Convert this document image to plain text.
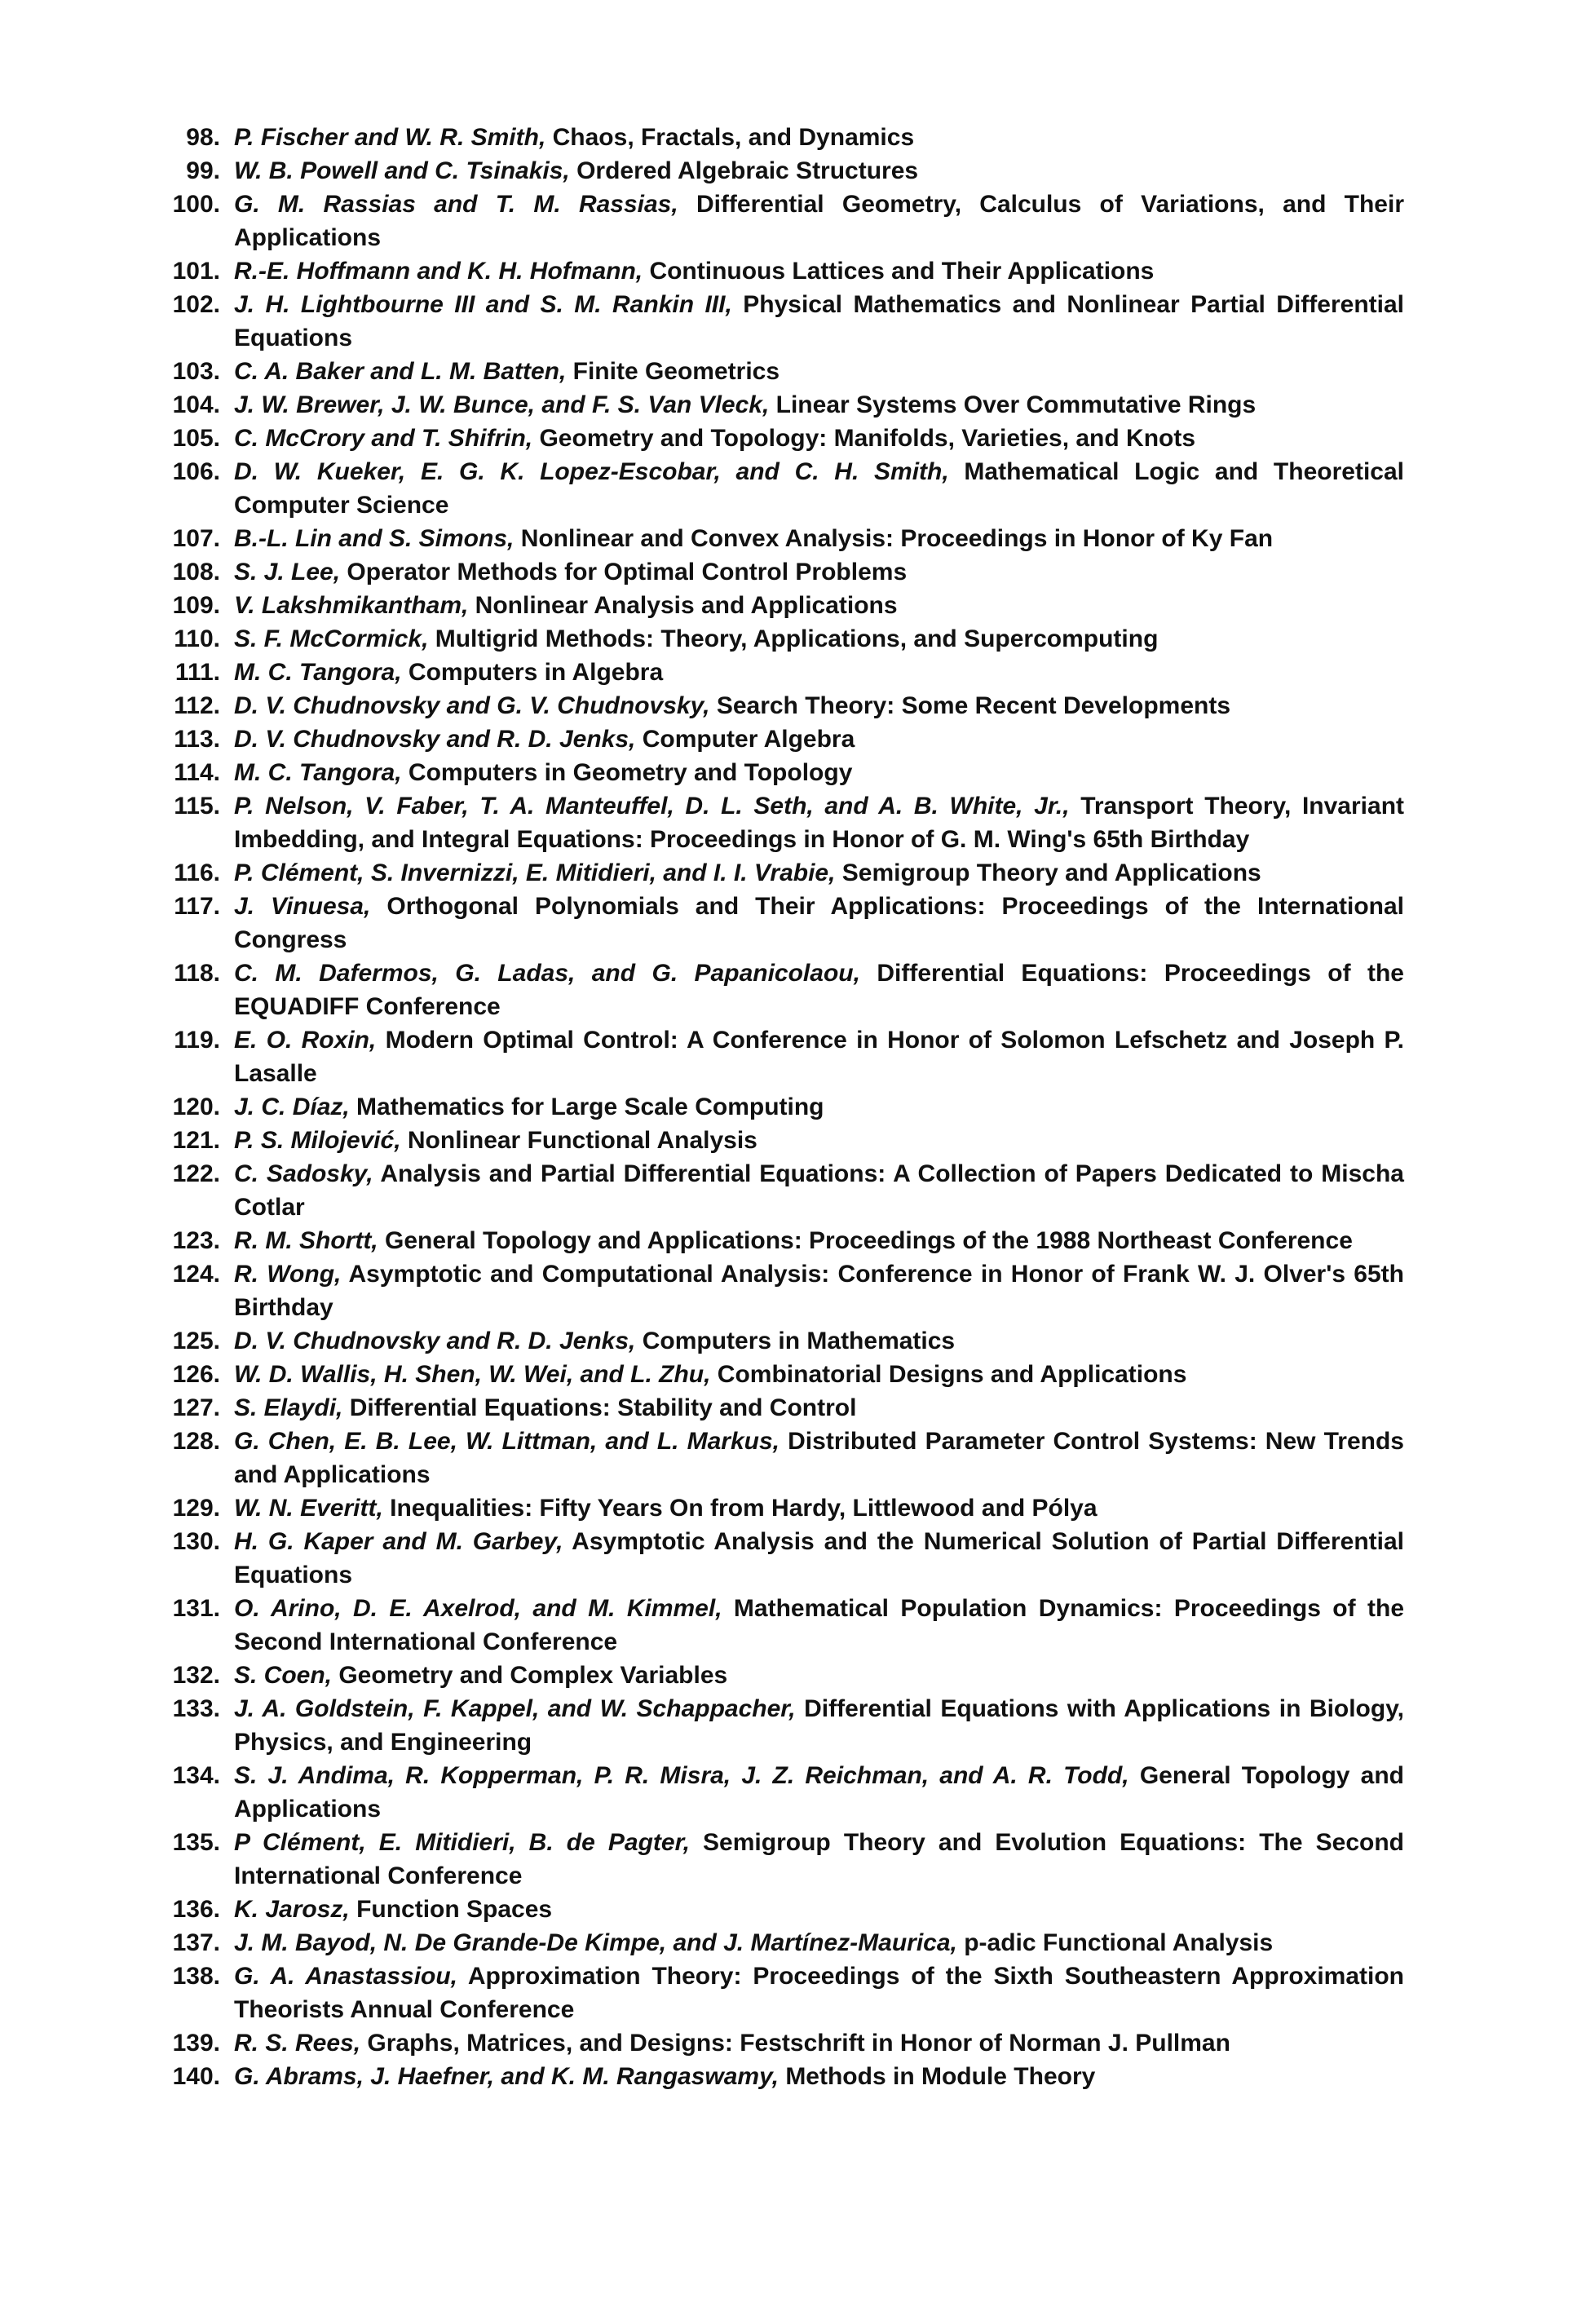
98. P. Fischer and W. R. Smith, Chaos, Fractals, and Dynamics
99. W. B. Powell and C. Tsinakis, Ordered Algebraic Structures
100. G. M. Rassias and T. M. Rassias, Differential Geometry, Calculus of Variations, and Their Applications
101. R.-E. Hoffmann and K. H. Hofmann, Continuous Lattices and Their Applications
102. J. H. Lightbourne III and S. M. Rankin III, Physical Mathematics and Nonlinear Partial Differential Equations
103. C. A. Baker and L. M. Batten, Finite Geometrics
104. J. W. Brewer, J. W. Bunce, and F. S. Van Vleck, Linear Systems Over Commutative Rings
105. C. McCrory and T. Shifrin, Geometry and Topology: Manifolds, Varieties, and Knots
106. D. W. Kueker, E. G. K. Lopez-Escobar, and C. H. Smith, Mathematical Logic and Theoretical Computer Science
107. B.-L. Lin and S. Simons, Nonlinear and Convex Analysis: Proceedings in Honor of Ky Fan
108. S. J. Lee, Operator Methods for Optimal Control Problems
109. V. Lakshmikantham, Nonlinear Analysis and Applications
110. S. F. McCormick, Multigrid Methods: Theory, Applications, and Supercomputing
111. M. C. Tangora, Computers in Algebra
112. D. V. Chudnovsky and G. V. Chudnovsky, Search Theory: Some Recent Developments
113. D. V. Chudnovsky and R. D. Jenks, Computer Algebra
114. M. C. Tangora, Computers in Geometry and Topology
115. P. Nelson, V. Faber, T. A. Manteuffel, D. L. Seth, and A. B. White, Jr., Transport Theory, Invariant Imbedding, and Integral Equations: Proceedings in Honor of G. M. Wing's 65th Birthday
116. P. Clément, S. Invernizzi, E. Mitidieri, and I. I. Vrabie, Semigroup Theory and Applications
117. J. Vinuesa, Orthogonal Polynomials and Their Applications: Proceedings of the International Congress
118. C. M. Dafermos, G. Ladas, and G. Papanicolaou, Differential Equations: Proceedings of the EQUADIFF Conference
119. E. O. Roxin, Modern Optimal Control: A Conference in Honor of Solomon Lefschetz and Joseph P. Lasalle
120. J. C. Díaz, Mathematics for Large Scale Computing
121. P. S. Milojević, Nonlinear Functional Analysis
122. C. Sadosky, Analysis and Partial Differential Equations: A Collection of Papers Dedicated to Mischa Cotlar
123. R. M. Shortt, General Topology and Applications: Proceedings of the 1988 Northeast Conference
124. R. Wong, Asymptotic and Computational Analysis: Conference in Honor of Frank W. J. Olver's 65th Birthday
125. D. V. Chudnovsky and R. D. Jenks, Computers in Mathematics
126. W. D. Wallis, H. Shen, W. Wei, and L. Zhu, Combinatorial Designs and Applications
127. S. Elaydi, Differential Equations: Stability and Control
128. G. Chen, E. B. Lee, W. Littman, and L. Markus, Distributed Parameter Control Systems: New Trends and Applications
129. W. N. Everitt, Inequalities: Fifty Years On from Hardy, Littlewood and Pólya
130. H. G. Kaper and M. Garbey, Asymptotic Analysis and the Numerical Solution of Partial Differential Equations
131. O. Arino, D. E. Axelrod, and M. Kimmel, Mathematical Population Dynamics: Proceedings of the Second International Conference
132. S. Coen, Geometry and Complex Variables
133. J. A. Goldstein, F. Kappel, and W. Schappacher, Differential Equations with Applications in Biology, Physics, and Engineering
134. S. J. Andima, R. Kopperman, P. R. Misra, J. Z. Reichman, and A. R. Todd, General Topology and Applications
135. P Clément, E. Mitidieri, B. de Pagter, Semigroup Theory and Evolution Equations: The Second International Conference
136. K. Jarosz, Function Spaces
137. J. M. Bayod, N. De Grande-De Kimpe, and J. Martínez-Maurica, p-adic Functional Analysis
138. G. A. Anastassiou, Approximation Theory: Proceedings of the Sixth Southeastern Approximation Theorists Annual Conference
139. R. S. Rees, Graphs, Matrices, and Designs: Festschrift in Honor of Norman J. Pullman
140. G. Abrams, J. Haefner, and K. M. Rangaswamy, Methods in Module Theory
